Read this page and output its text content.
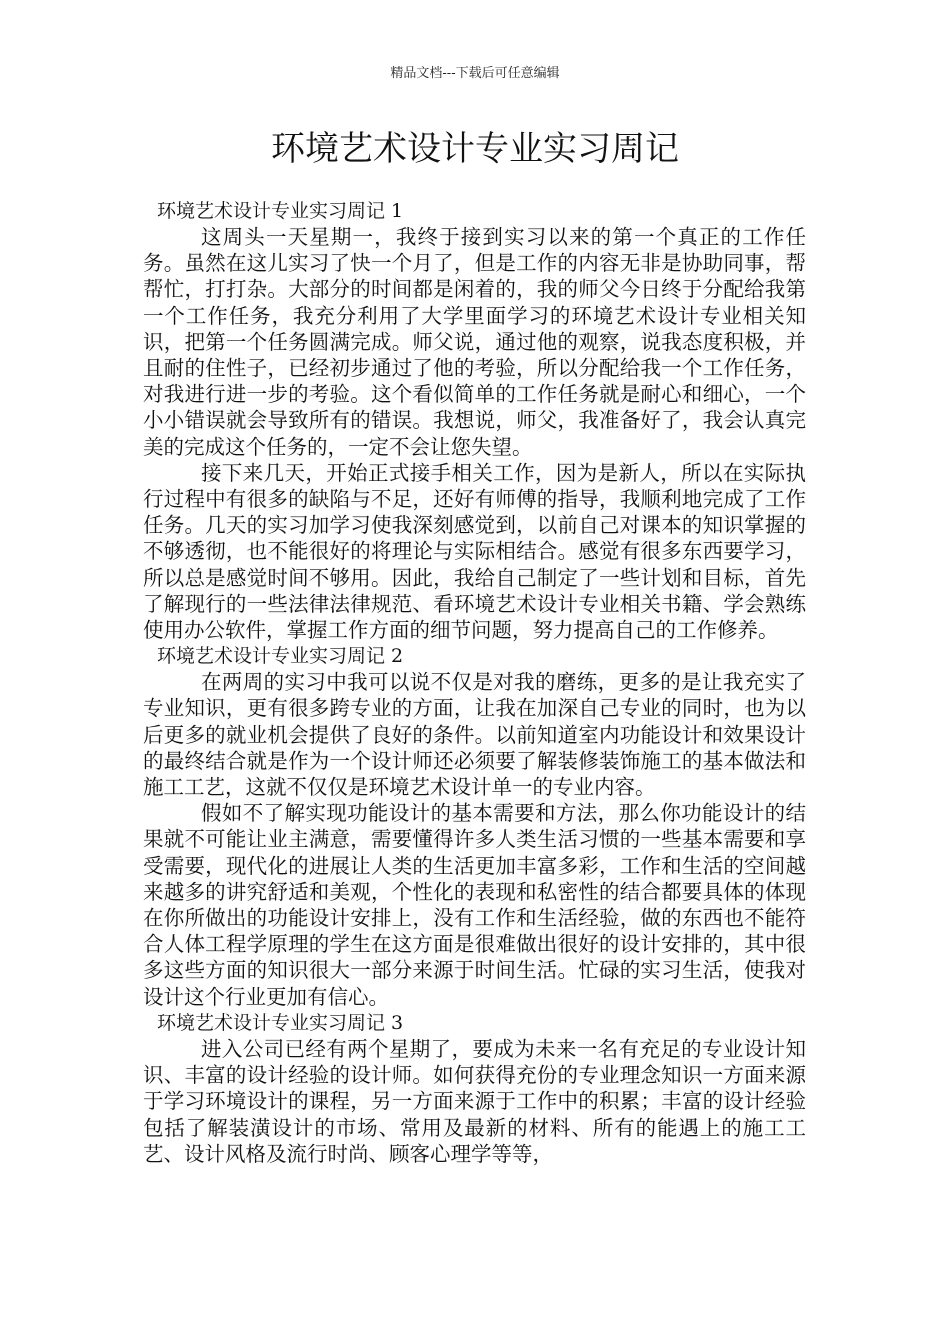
精品文档---下载后可任意编辑
环境艺术设计专业实习周记
环境艺术设计专业实习周记 1

这周头一天星期一，我终于接到实习以来的第一个真正的工作任务。虽然在这儿实习了快一个月了，但是工作的内容无非是协助同事，帮帮忙，打打杂。大部分的时间都是闲着的，我的师父今日终于分配给我第一个工作任务，我充分利用了大学里面学习的环境艺术设计专业相关知识，把第一个任务圆满完成。师父说，通过他的观察，说我态度积极，并且耐的住性子，已经初步通过了他的考验，所以分配给我一个工作任务，对我进行进一步的考验。这个看似简单的工作任务就是耐心和细心，一个小小错误就会导致所有的错误。我想说，师父，我准备好了，我会认真完美的完成这个任务的，一定不会让您失望。

接下来几天，开始正式接手相关工作，因为是新人，所以在实际执行过程中有很多的缺陷与不足，还好有师傅的指导，我顺利地完成了工作任务。几天的实习加学习使我深刻感觉到，以前自己对课本的知识掌握的不够透彻，也不能很好的将理论与实际相结合。感觉有很多东西要学习，所以总是感觉时间不够用。因此，我给自己制定了一些计划和目标，首先了解现行的一些法律法律规范、看环境艺术设计专业相关书籍、学会熟练使用办公软件，掌握工作方面的细节问题，努力提高自己的工作修养。

环境艺术设计专业实习周记 2

在两周的实习中我可以说不仅是对我的磨练，更多的是让我充实了专业知识，更有很多跨专业的方面，让我在加深自己专业的同时，也为以后更多的就业机会提供了良好的条件。以前知道室内功能设计和效果设计的最终结合就是作为一个设计师还必须要了解装修装饰施工的基本做法和施工工艺，这就不仅仅是环境艺术设计单一的专业内容。

假如不了解实现功能设计的基本需要和方法，那么你功能设计的结果就不可能让业主满意，需要懂得许多人类生活习惯的一些基本需要和享受需要，现代化的进展让人类的生活更加丰富多彩，工作和生活的空间越来越多的讲究舒适和美观，个性化的表现和私密性的结合都要具体的体现在你所做出的功能设计安排上，没有工作和生活经验，做的东西也不能符合人体工程学原理的学生在这方面是很难做出很好的设计安排的，其中很多这些方面的知识很大一部分来源于时间生活。忙碌的实习生活，使我对设计这个行业更加有信心。

环境艺术设计专业实习周记 3

进入公司已经有两个星期了，要成为未来一名有充足的专业设计知识、丰富的设计经验的设计师。如何获得充份的专业理念知识一方面来源于学习环境设计的课程，另一方面来源于工作中的积累；丰富的设计经验包括了解装潢设计的市场、常用及最新的材料、所有的能遇上的施工工艺、设计风格及流行时尚、顾客心理学等等，
